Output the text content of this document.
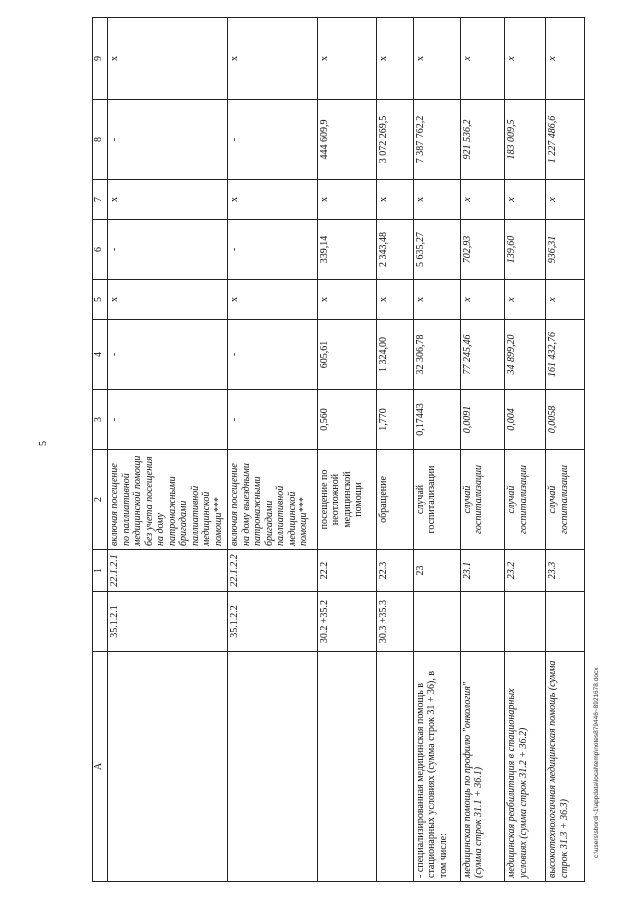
5
A		1	2	3	4	5	6	7	8	9
	35.1.2.1	22.1.2.1	включая посещение по паллиативной медицинской помощи без учета посещения на дому патронажными бригадами паллиативной медицинской помощи***	-	-	x	-	x	-	x
	35.1.2.2	22.1.2.2	включая посещение на дому выездными патронажными бригадами паллиативной медицинской помощи***	-	-	x	-	x	-	x
	30.2 +35.2	22.2	посещение по неотложной медицинской помощи	0,560	605,61	x	339,14	x	444 609,9	x
	30.3 +35.3	22.3	обращение	1,770	1 324,00	x	2 343,48	x	3 072 269,5	x
- специализированная медицинская помощь в стационарных условиях (сумма строк 31 + 36), в том числе:		23	случай госпитализации	0,17443	32 306,78	x	5 635,27	x	7 387 762,2	x
медицинская помощь по профилю "онкология" (сумма строк 31.1 + 36.1)		23.1	случай госпитализации	0,0091	77 245,46	x	702,93	x	921 536,2	x
медицинская реабилитация в стационарных условиях (сумма строк 31.2 + 36.2)		23.2	случай госпитализации	0,004	34 899,20	x	139,60	x	183 009,5	x
высокотехнологичная медицинская помощь (сумма строк 31.3 + 36.3)		23.3	случай госпитализации	0,0058	161 432,76	x	936,31	x	1 227 486,6	x
c:\users\sbordi~1\appdata\local\temp\notes879446~8921678.docx
